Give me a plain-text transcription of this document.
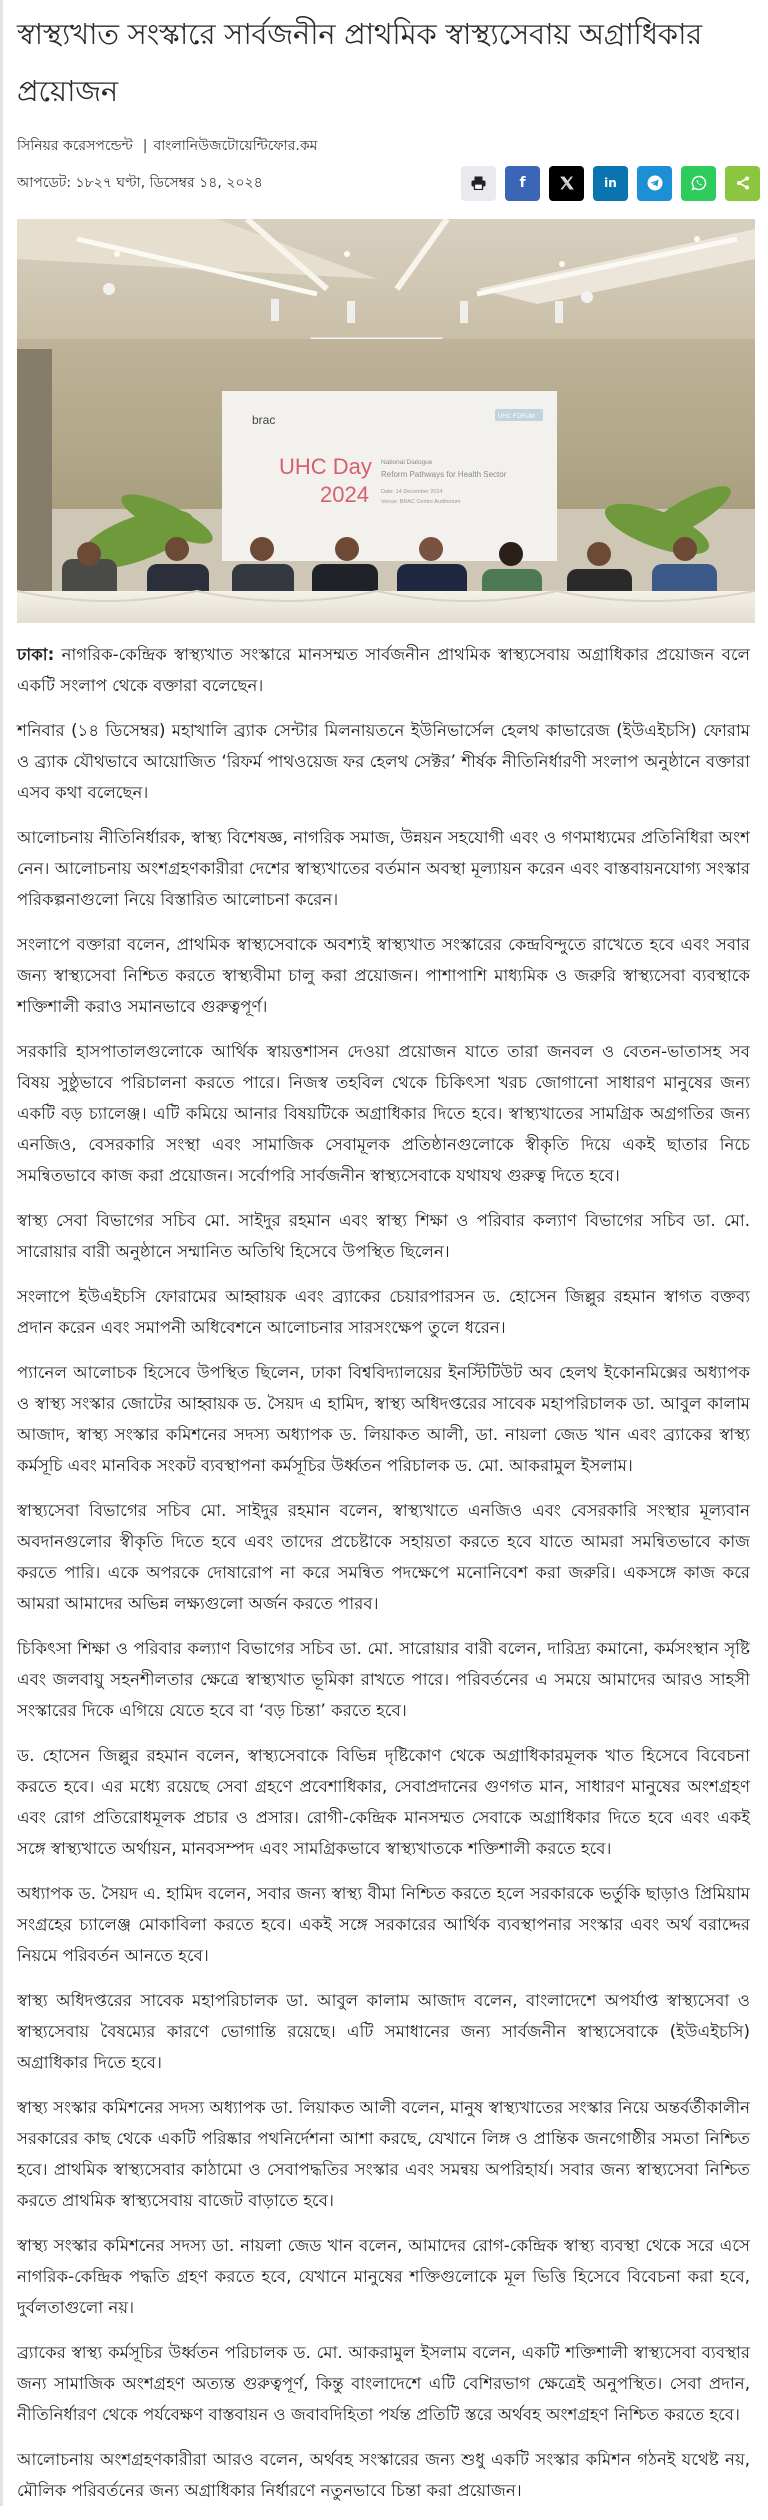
স্বাস্থ্যখাত সংস্কারে সার্বজনীন প্রাথমিক স্বাস্থ্যসেবায় অগ্রাধিকার প্রয়োজন
সিনিয়র করেসপন্ডেন্ট | বাংলানিউজটোয়েন্টিফোর.কম
আপডেট: ১৮২৭ ঘণ্টা, ডিসেম্বর ১৪, ২০২৪	f	in
brac	UHC FORUM
UHC Day
2024
National Dialogue
Reform Pathways for Health Sector
Date: 14 December 2024
Venue: BRAC Centre Auditorium

ঢাকা: নাগরিক-কেন্দ্রিক স্বাস্থ্যখাত সংস্কারে মানসম্মত সার্বজনীন প্রাথমিক স্বাস্থ্যসেবায় অগ্রাধিকার প্রয়োজন বলে একটি সংলাপ থেকে বক্তারা বলেছেন।

শনিবার (১৪ ডিসেম্বর) মহাখালি ব্র্যাক সেন্টার মিলনায়তনে ইউনিভার্সেল হেলথ কাভারেজ (ইউএইচসি) ফোরাম ও ব্র্যাক যৌথভাবে আয়োজিত ‘রিফর্ম পাথওয়েজ ফর হেলথ সেক্টর’ শীর্ষক নীতিনির্ধারণী সংলাপ অনুষ্ঠানে বক্তারা এসব কথা বলেছেন।

আলোচনায় নীতিনির্ধারক, স্বাস্থ্য বিশেষজ্ঞ, নাগরিক সমাজ, উন্নয়ন সহযোগী এবং ও গণমাধ্যমের প্রতিনিধিরা অংশ নেন। আলোচনায় অংশগ্রহণকারীরা দেশের স্বাস্থ্যখাতের বর্তমান অবস্থা মূল্যায়ন করেন এবং বাস্তবায়নযোগ্য সংস্কার পরিকল্পনাগুলো নিয়ে বিস্তারিত আলোচনা করেন।

সংলাপে বক্তারা বলেন, প্রাথমিক স্বাস্থ্যসেবাকে অবশ্যই স্বাস্থ্যখাত সংস্কারের কেন্দ্রবিন্দুতে রাখেতে হবে এবং সবার জন্য স্বাস্থ্যসেবা নিশ্চিত করতে স্বাস্থ্যবীমা চালু করা প্রয়োজন। পাশাপাশি মাধ্যমিক ও জরুরি স্বাস্থ্যসেবা ব্যবস্থাকে শক্তিশালী করাও সমানভাবে গুরুত্বপূর্ণ।

সরকারি হাসপাতালগুলোকে আর্থিক স্বায়ত্তশাসন দেওয়া প্রয়োজন যাতে তারা জনবল ও বেতন-ভাতাসহ সব বিষয় সুষ্ঠুভাবে পরিচালনা করতে পারে। নিজস্ব তহবিল থেকে চিকিৎসা খরচ জোগানো সাধারণ মানুষের জন্য একটি বড় চ্যালেঞ্জ। এটি কমিয়ে আনার বিষয়টিকে অগ্রাধিকার দিতে হবে। স্বাস্থ্যখাতের সামগ্রিক অগ্রগতির জন্য এনজিও, বেসরকারি সংস্থা এবং সামাজিক সেবামূলক প্রতিষ্ঠানগুলোকে স্বীকৃতি দিয়ে একই ছাতার নিচে সমন্বিতভাবে কাজ করা প্রয়োজন। সর্বোপরি সার্বজনীন স্বাস্থ্যসেবাকে যথাযথ গুরুত্ব দিতে হবে।

স্বাস্থ্য সেবা বিভাগের সচিব মো. সাইদুর রহমান এবং স্বাস্থ্য শিক্ষা ও পরিবার কল্যাণ বিভাগের সচিব ডা. মো. সারোয়ার বারী অনুষ্ঠানে সম্মানিত অতিথি হিসেবে উপস্থিত ছিলেন।

সংলাপে ইউএইচসি ফোরামের আহ্বায়ক এবং ব্র্যাকের চেয়ারপারসন ড. হোসেন জিল্লুর রহমান স্বাগত বক্তব্য প্রদান করেন এবং সমাপনী অধিবেশনে আলোচনার সারসংক্ষেপ তুলে ধরেন।

প্যানেল আলোচক হিসেবে উপস্থিত ছিলেন, ঢাকা বিশ্ববিদ্যালয়ের ইনস্টিটিউট অব হেলথ ইকোনমিক্সের অধ্যাপক ও স্বাস্থ্য সংস্কার জোটের আহ্বায়ক ড. সৈয়দ এ হামিদ, স্বাস্থ্য অধিদপ্তরের সাবেক মহাপরিচালক ডা. আবুল কালাম আজাদ, স্বাস্থ্য সংস্কার কমিশনের সদস্য অধ্যাপক ড. লিয়াকত আলী, ডা. নায়লা জেড খান এবং ব্র্যাকের স্বাস্থ্য কর্মসূচি এবং মানবিক সংকট ব্যবস্থাপনা কর্মসূচির উর্ধ্বতন পরিচালক ড. মো. আকরামুল ইসলাম।

স্বাস্থ্যসেবা বিভাগের সচিব মো. সাইদুর রহমান বলেন, স্বাস্থ্যখাতে এনজিও এবং বেসরকারি সংস্থার মূল্যবান অবদানগুলোর স্বীকৃতি দিতে হবে এবং তাদের প্রচেষ্টাকে সহায়তা করতে হবে যাতে আমরা সমন্বিতভাবে কাজ করতে পারি। একে অপরকে দোষারোপ না করে সমন্বিত পদক্ষেপে মনোনিবেশ করা জরুরি। একসঙ্গে কাজ করে আমরা আমাদের অভিন্ন লক্ষ্যগুলো অর্জন করতে পারব।

চিকিৎসা শিক্ষা ও পরিবার কল্যাণ বিভাগের সচিব ডা. মো. সারোয়ার বারী বলেন, দারিদ্র্য কমানো, কর্মসংস্থান সৃষ্টি এবং জলবায়ু সহনশীলতার ক্ষেত্রে স্বাস্থ্যখাত ভূমিকা রাখতে পারে। পরিবর্তনের এ সময়ে আমাদের আরও সাহসী সংস্কারের দিকে এগিয়ে যেতে হবে বা ‘বড় চিন্তা’ করতে হবে।

ড. হোসেন জিল্লুর রহমান বলেন, স্বাস্থ্যসেবাকে বিভিন্ন দৃষ্টিকোণ থেকে অগ্রাধিকারমূলক খাত হিসেবে বিবেচনা করতে হবে। এর মধ্যে রয়েছে সেবা গ্রহণে প্রবেশাধিকার, সেবাপ্রদানের গুণগত মান, সাধারণ মানুষের অংশগ্রহণ এবং রোগ প্রতিরোধমূলক প্রচার ও প্রসার। রোগী-কেন্দ্রিক মানসম্মত সেবাকে অগ্রাধিকার দিতে হবে এবং একই সঙ্গে স্বাস্থ্যখাতে অর্থায়ন, মানবসম্পদ এবং সামগ্রিকভাবে স্বাস্থ্যখাতকে শক্তিশালী করতে হবে।

অধ্যাপক ড. সৈয়দ এ. হামিদ বলেন, সবার জন্য স্বাস্থ্য বীমা নিশ্চিত করতে হলে সরকারকে ভর্তুকি ছাড়াও প্রিমিয়াম সংগ্রহের চ্যালেঞ্জ মোকাবিলা করতে হবে। একই সঙ্গে সরকারের আর্থিক ব্যবস্থাপনার সংস্কার এবং অর্থ বরাদ্দের নিয়মে পরিবর্তন আনতে হবে।

স্বাস্থ্য অধিদপ্তরের সাবেক মহাপরিচালক ডা. আবুল কালাম আজাদ বলেন, বাংলাদেশে অপর্যাপ্ত স্বাস্থ্যসেবা ও স্বাস্থ্যসেবায় বৈষম্যের কারণে ভোগান্তি রয়েছে। এটি সমাধানের জন্য সার্বজনীন স্বাস্থ্যসেবাকে (ইউএইচসি) অগ্রাধিকার দিতে হবে।

স্বাস্থ্য সংস্কার কমিশনের সদস্য অধ্যাপক ডা. লিয়াকত আলী বলেন, মানুষ স্বাস্থ্যখাতের সংস্কার নিয়ে অন্তর্বর্তীকালীন সরকারের কাছ থেকে একটি পরিষ্কার পথনির্দেশনা আশা করছে, যেখানে লিঙ্গ ও প্রান্তিক জনগোষ্ঠীর সমতা নিশ্চিত হবে। প্রাথমিক স্বাস্থ্যসেবার কাঠামো ও সেবাপদ্ধতির সংস্কার এবং সমন্বয় অপরিহার্য। সবার জন্য স্বাস্থ্যসেবা নিশ্চিত করতে প্রাথমিক স্বাস্থ্যসেবায় বাজেট বাড়াতে হবে।

স্বাস্থ্য সংস্কার কমিশনের সদস্য ডা. নায়লা জেড খান বলেন, আমাদের রোগ-কেন্দ্রিক স্বাস্থ্য ব্যবস্থা থেকে সরে এসে নাগরিক-কেন্দ্রিক পদ্ধতি গ্রহণ করতে হবে, যেখানে মানুষের শক্তিগুলোকে মূল ভিত্তি হিসেবে বিবেচনা করা হবে, দুর্বলতাগুলো নয়।

ব্র্যাকের স্বাস্থ্য কর্মসূচির উর্ধ্বতন পরিচালক ড. মো. আকরামুল ইসলাম বলেন, একটি শক্তিশালী স্বাস্থ্যসেবা ব্যবস্থার জন্য সামাজিক অংশগ্রহণ অত্যন্ত গুরুত্বপূর্ণ, কিন্তু বাংলাদেশে এটি বেশিরভাগ ক্ষেত্রেই অনুপস্থিত। সেবা প্রদান, নীতিনির্ধারণ থেকে পর্যবেক্ষণ বাস্তবায়ন ও জবাবদিহিতা পর্যন্ত প্রতিটি স্তরে অর্থবহ অংশগ্রহণ নিশ্চিত করতে হবে।

আলোচনায় অংশগ্রহণকারীরা আরও বলেন, অর্থবহ সংস্কারের জন্য শুধু একটি সংস্কার কমিশন গঠনই যথেষ্ট নয়, মৌলিক পরিবর্তনের জন্য অগ্রাধিকার নির্ধারণে নতুনভাবে চিন্তা করা প্রয়োজন।
